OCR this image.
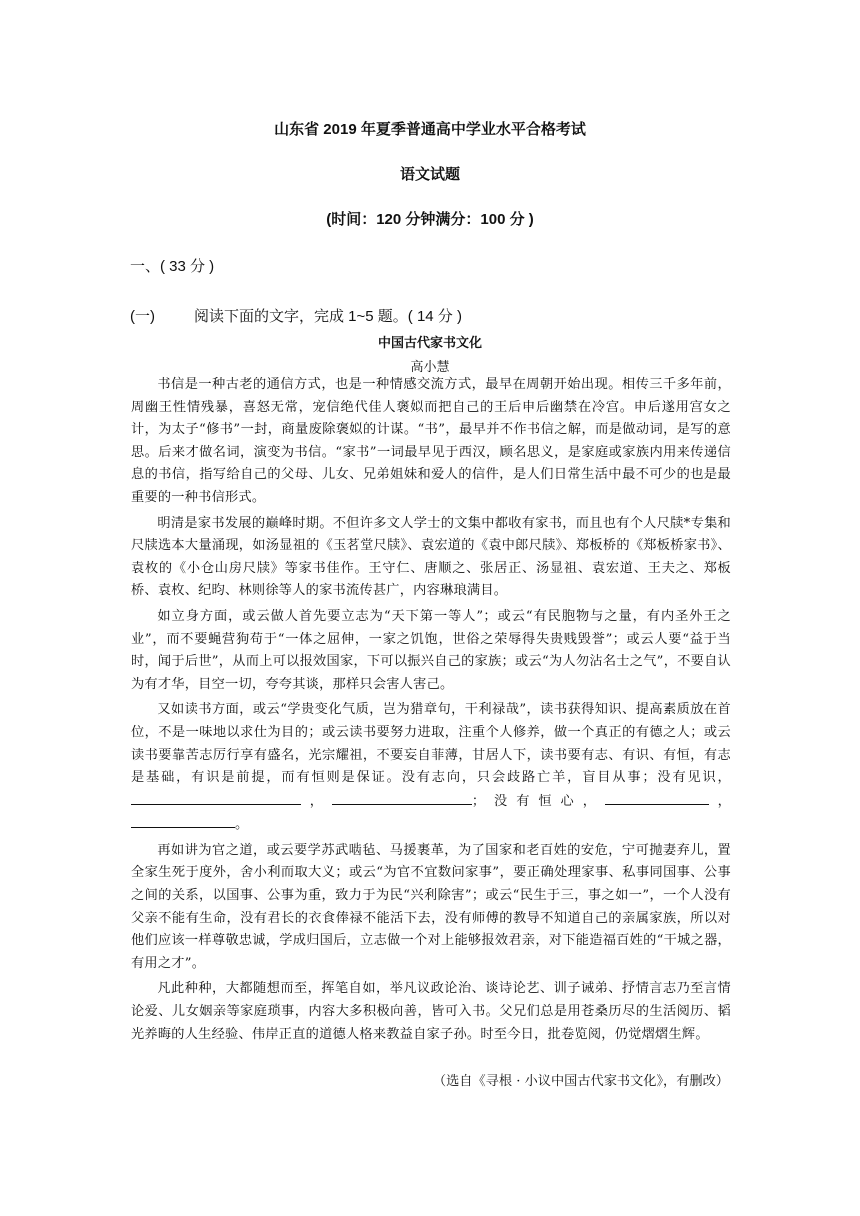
山东省 2019 年夏季普通高中学业水平合格考试
语文试题
(时间：120 分钟满分：100 分 )
一、( 33 分 )
(一)	阅读下面的文字，完成 1~5 题。( 14 分 )
中国古代家书文化
高小慧

书信是一种古老的通信方式，也是一种情感交流方式，最早在周朝开始出现。相传三千多年前，周幽王性情残暴，喜怒无常，宠信绝代佳人褒姒而把自己的王后申后幽禁在冷宫。申后遂用宫女之计，为太子“修书”一封，商量废除褒姒的计谋。“书”，最早并不作书信之解，而是做动词，是写的意思。后来才做名词，演变为书信。“家书”一词最早见于西汉，顾名思义，是家庭或家族内用来传递信息的书信，指写给自己的父母、儿女、兄弟姐妹和爱人的信件，是人们日常生活中最不可少的也是最重要的一种书信形式。

明清是家书发展的巅峰时期。不但许多文人学士的文集中都收有家书，而且也有个人尺牍*专集和尺牍选本大量涌现，如汤显祖的《玉茗堂尺牍》、袁宏道的《袁中郎尺牍》、郑板桥的《郑板桥家书》、袁枚的《小仓山房尺牍》等家书佳作。王守仁、唐顺之、张居正、汤显祖、袁宏道、王夫之、郑板桥、袁枚、纪昀、林则徐等人的家书流传甚广，内容琳琅满目。

如立身方面，或云做人首先要立志为“天下第一等人”；或云“有民胞物与之量，有内圣外王之业”，而不要蝇营狗苟于“一体之屈伸，一家之饥饱，世俗之荣辱得失贵贱毁誉”；或云人要“益于当时，闻于后世”，从而上可以报效国家，下可以振兴自己的家族；或云“为人勿沾名士之气”，不要自认为有才华，目空一切，夸夸其谈，那样只会害人害己。

又如读书方面，或云“学贵变化气质，岂为猎章句，干利禄哉”，读书获得知识、提高素质放在首位，不是一味地以求仕为目的；或云读书要努力进取，注重个人修养，做一个真正的有德之人；或云读书要靠苦志厉行享有盛名，光宗耀祖，不要妄自菲薄，甘居人下，读书要有志、有识、有恒，有志是基础，有识是前提，而有恒则是保证。没有志向，只会歧路亡羊，盲目从事；没有见识，，	；没有恒心，	，。

再如讲为官之道，或云要学苏武啮毡、马援裹革，为了国家和老百姓的安危，宁可抛妻弃儿，置全家生死于度外，舍小利而取大义；或云“为官不宜数问家事”，要正确处理家事、私事同国事、公事之间的关系，以国事、公事为重，致力于为民“兴利除害”；或云“民生于三，事之如一”，一个人没有父亲不能有生命，没有君长的衣食俸禄不能活下去，没有师傅的教导不知道自己的亲属家族，所以对他们应该一样尊敬忠诚，学成归国后，立志做一个对上能够报效君亲，对下能造福百姓的“干城之器，有用之才”。

凡此种种，大都随想而至，挥笔自如，举凡议政论治、谈诗论艺、训子诫弟、抒情言志乃至言情论爱、儿女姻亲等家庭琐事，内容大多积极向善，皆可入书。父兄们总是用苍桑历尽的生活阅历、韬光养晦的人生经验、伟岸正直的道德人格来教益自家子孙。时至今日，批卷览阅，仍觉熠熠生辉。

（选自《寻根 · 小议中国古代家书文化》，有删改）
